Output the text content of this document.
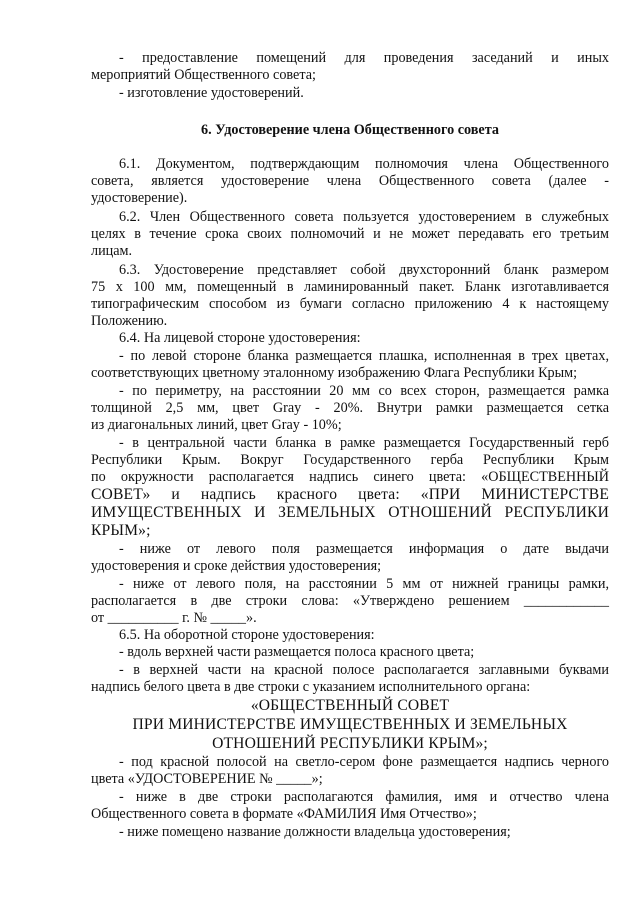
- предоставление помещений для проведения заседаний и иных

мероприятий Общественного совета;

- изготовление удостоверений.

6. Удостоверение члена Общественного совета

6.1. Документом, подтверждающим полномочия члена Общественного

совета, является удостоверение члена Общественного совета (далее -

удостоверение).

6.2. Член Общественного совета пользуется удостоверением в служебных

целях в течение срока своих полномочий и не может передавать его третьим

лицам.

6.3. Удостоверение представляет собой двухсторонний бланк размером

75 х 100 мм, помещенный в ламинированный пакет. Бланк изготавливается

типографическим способом из бумаги согласно приложению 4 к настоящему

Положению.

6.4. На лицевой стороне удостоверения:

- по левой стороне бланка размещается плашка, исполненная в трех цветах,

соответствующих цветному эталонному изображению Флага Республики Крым;

- по периметру, на расстоянии 20 мм со всех сторон, размещается рамка

толщиной 2,5 мм, цвет Gray - 20%. Внутри рамки размещается сетка

из диагональных линий, цвет Gray - 10%;

- в центральной части бланка в рамке размещается Государственный герб

Республики Крым. Вокруг Государственного герба Республики Крым

по окружности располагается надпись синего цвета: «ОБЩЕСТВЕННЫЙ

СОВЕТ» и надпись красного цвета: «ПРИ МИНИСТЕРСТВЕ

ИМУЩЕСТВЕННЫХ И ЗЕМЕЛЬНЫХ ОТНОШЕНИЙ РЕСПУБЛИКИ

КРЫМ»;

- ниже от левого поля размещается информация о дате выдачи

удостоверения и сроке действия удостоверения;

- ниже от левого поля, на расстоянии 5 мм от нижней границы рамки,

располагается в две строки слова: «Утверждено решением ____________

от __________ г. № _____».

6.5. На оборотной стороне удостоверения:

- вдоль верхней части размещается полоса красного цвета;

- в верхней части на красной полосе располагается заглавными буквами

надпись белого цвета в две строки с указанием исполнительного органа:

«ОБЩЕСТВЕННЫЙ СОВЕТ

ПРИ МИНИСТЕРСТВЕ ИМУЩЕСТВЕННЫХ И ЗЕМЕЛЬНЫХ

ОТНОШЕНИЙ РЕСПУБЛИКИ КРЫМ»;

- под красной полосой на светло-сером фоне размещается надпись черного

цвета «УДОСТОВЕРЕНИЕ № _____»;

- ниже в две строки располагаются фамилия, имя и отчество члена

Общественного совета в формате «ФАМИЛИЯ Имя Отчество»;

- ниже помещено название должности владельца удостоверения;
